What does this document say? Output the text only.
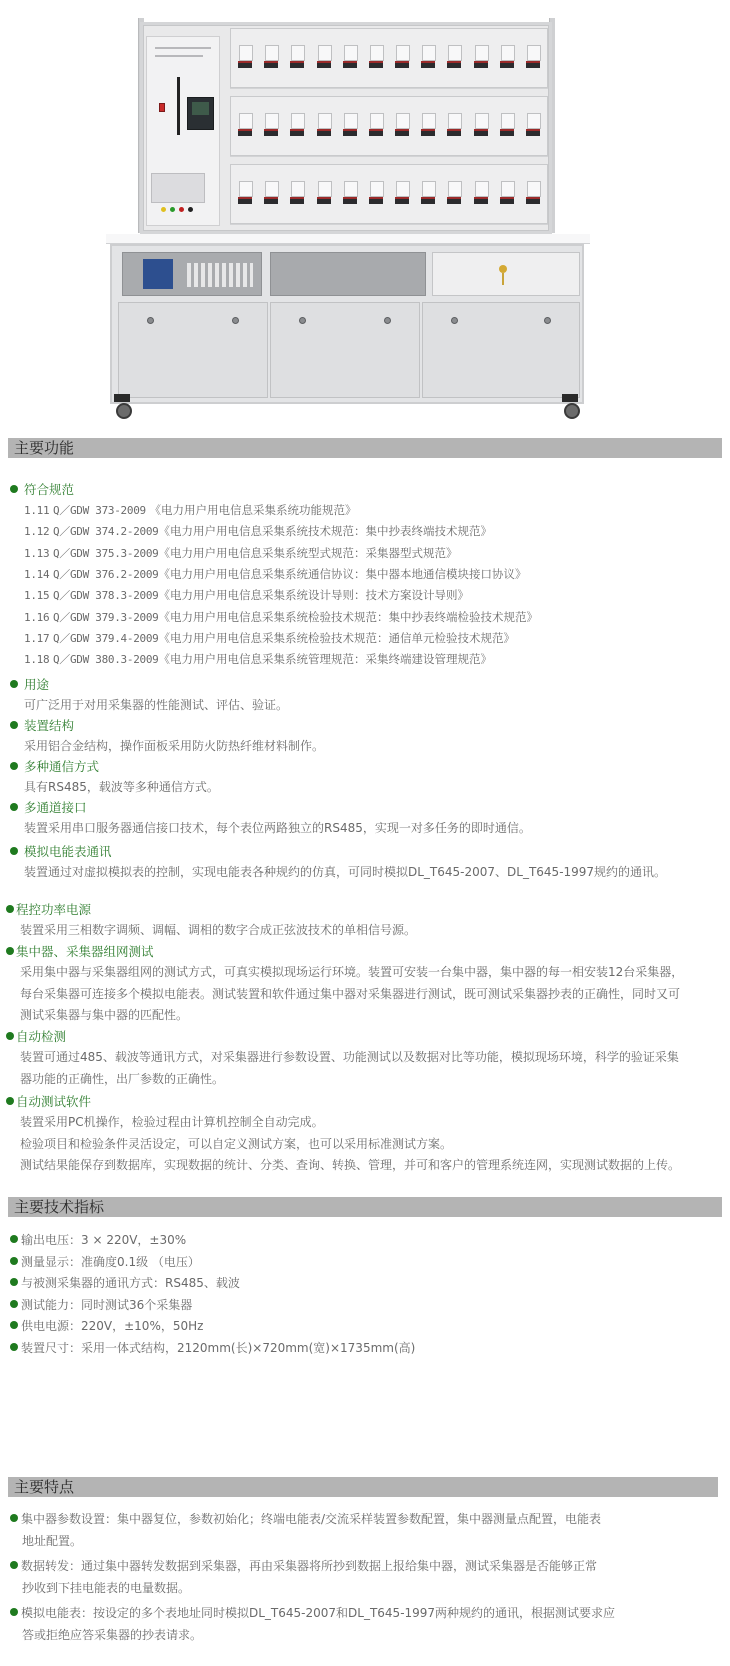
主要功能
符合规范
1.11 Q／GDW 373-2009 《电力用户用电信息采集系统功能规范》
1.12 Q／GDW 374.2-2009《电力用户用电信息采集系统技术规范：集中抄表终端技术规范》
1.13 Q／GDW 375.3-2009《电力用户用电信息采集系统型式规范：采集器型式规范》
1.14 Q／GDW 376.2-2009《电力用户用电信息采集系统通信协议：集中器本地通信模块接口协议》
1.15 Q／GDW 378.3-2009《电力用户用电信息采集系统设计导则：技术方案设计导则》
1.16 Q／GDW 379.3-2009《电力用户用电信息采集系统检验技术规范：集中抄表终端检验技术规范》
1.17 Q／GDW 379.4-2009《电力用户用电信息采集系统检验技术规范：通信单元检验技术规范》
1.18 Q／GDW 380.3-2009《电力用户用电信息采集系统管理规范：采集终端建设管理规范》
用途
可广泛用于对用采集器的性能测试、评估、验证。
装置结构
采用铝合金结构，操作面板采用防火防热纤维材料制作。
多种通信方式
具有RS485，载波等多种通信方式。
多通道接口
装置采用串口服务器通信接口技术，每个表位两路独立的RS485，实现一对多任务的即时通信。
模拟电能表通讯
装置通过对虚拟模拟表的控制，实现电能表各种规约的仿真，可同时模拟DL_T645-2007、DL_T645-1997规约的通讯。
程控功率电源
装置采用三相数字调频、调幅、调相的数字合成正弦波技术的单相信号源。
集中器、采集器组网测试
采用集中器与采集器组网的测试方式，可真实模拟现场运行环境。装置可安装一台集中器，集中器的每一相安装12台采集器，
每台采集器可连接多个模拟电能表。测试装置和软件通过集中器对采集器进行测试，既可测试采集器抄表的正确性，同时又可
测试采集器与集中器的匹配性。
自动检测
装置可通过485、载波等通讯方式，对采集器进行参数设置、功能测试以及数据对比等功能，模拟现场环境，科学的验证采集
器功能的正确性，出厂参数的正确性。
自动测试软件
装置采用PC机操作，检验过程由计算机控制全自动完成。
检验项目和检验条件灵活设定，可以自定义测试方案，也可以采用标准测试方案。
测试结果能保存到数据库，实现数据的统计、分类、查询、转换、管理，并可和客户的管理系统连网，实现测试数据的上传。
主要技术指标
输出电压：3 × 220V，±30%
测量显示：准确度0.1级 （电压）
与被测采集器的通讯方式：RS485、载波
测试能力：同时测试36个采集器
供电电源：220V，±10%，50Hz
装置尺寸：采用一体式结构，2120mm(长)×720mm(宽)×1735mm(高)
主要特点
集中器参数设置：集中器复位，参数初始化；终端电能表/交流采样装置参数配置，集中器测量点配置，电能表
地址配置。
数据转发：通过集中器转发数据到采集器，再由采集器将所抄到数据上报给集中器，测试采集器是否能够正常
抄收到下挂电能表的电量数据。
模拟电能表：按设定的多个表地址同时模拟DL_T645-2007和DL_T645-1997两种规约的通讯，根据测试要求应
答或拒绝应答采集器的抄表请求。
